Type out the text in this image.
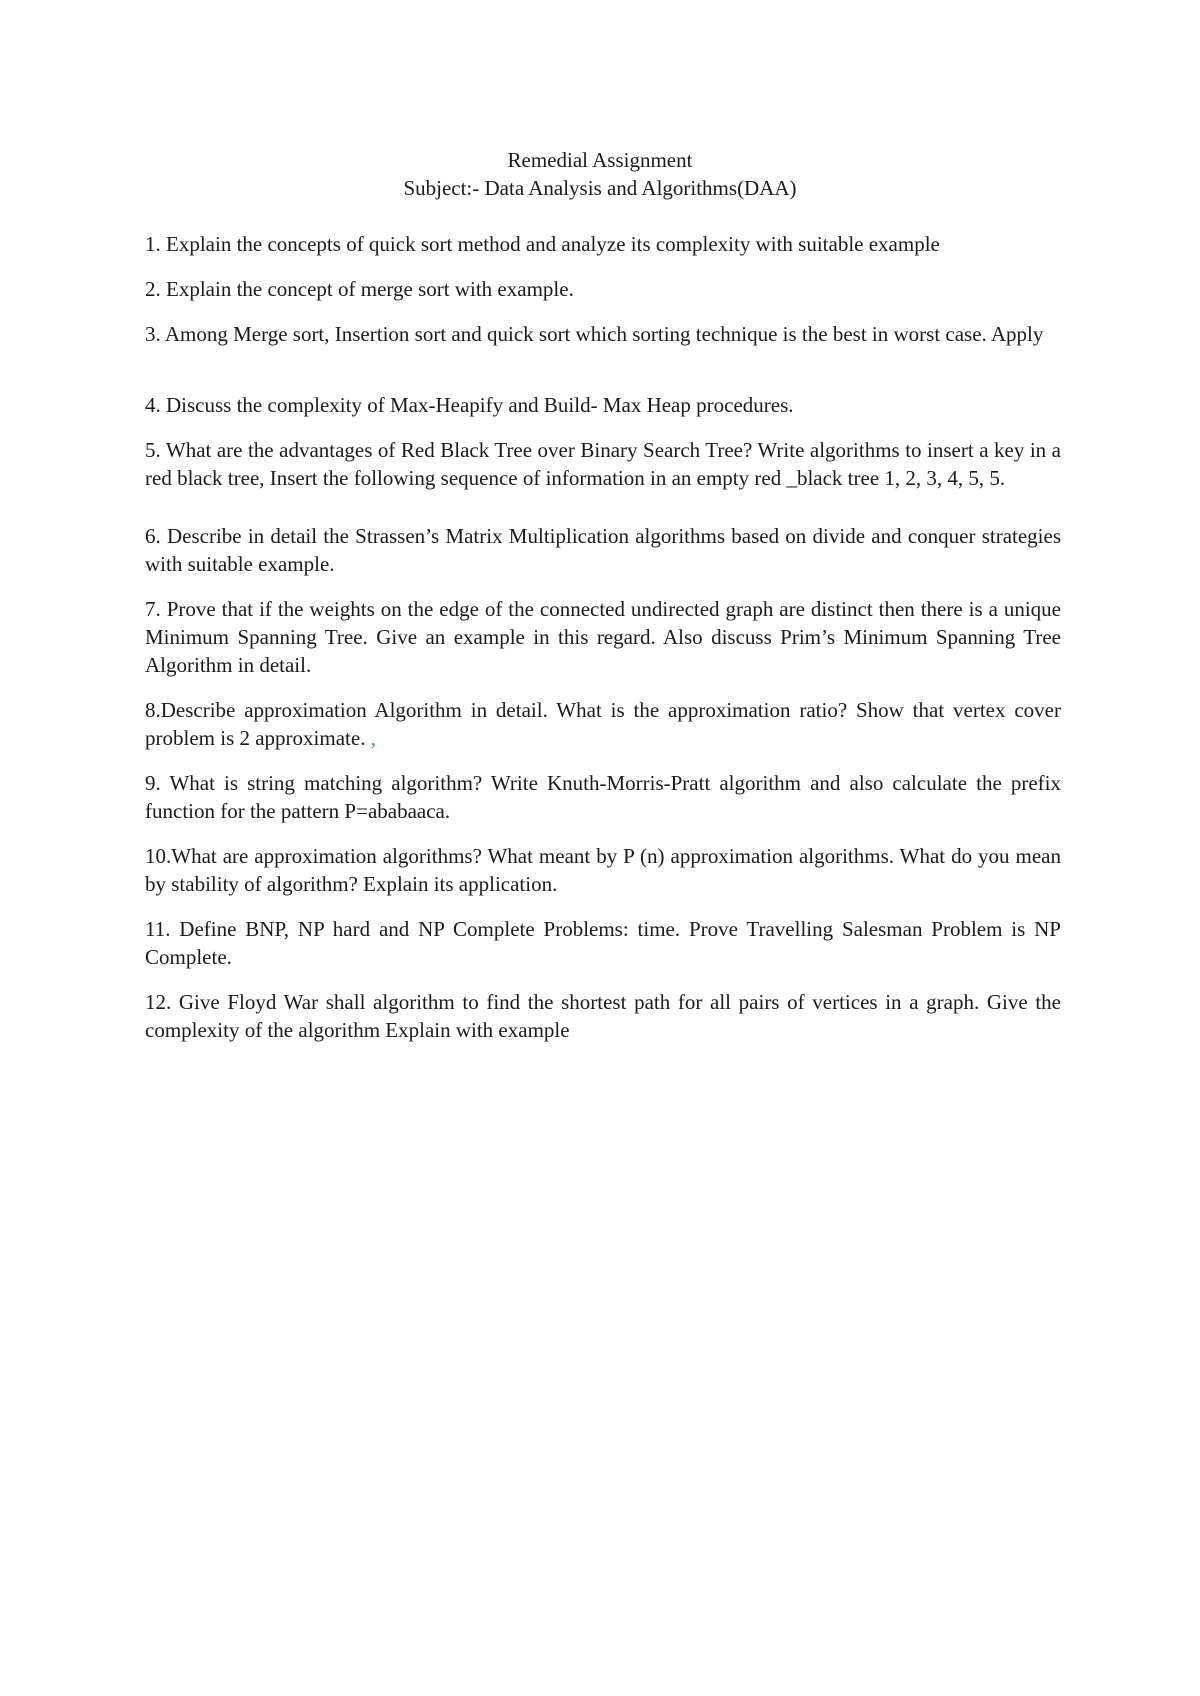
Remedial Assignment
Subject:- Data Analysis and Algorithms(DAA)

1. Explain the concepts of quick sort method and analyze its complexity with suitable example

2. Explain the concept of merge sort with example.

3. Among Merge sort, Insertion sort and quick sort which sorting technique is the best in worst case. Apply

4. Discuss the complexity of Max-Heapify and Build- Max Heap procedures.

5. What are the advantages of Red Black Tree over Binary Search Tree? Write algorithms to insert a key in a red black tree, Insert the following sequence of information in an empty red _black tree 1, 2, 3, 4, 5, 5.

6. Describe in detail the Strassen’s Matrix Multiplication algorithms based on divide and conquer strategies with suitable example.

7. Prove that if the weights on the edge of the connected undirected graph are distinct then there is a unique Minimum Spanning Tree. Give an example in this regard. Also discuss Prim’s Minimum Spanning Tree Algorithm in detail.

8.Describe approximation Algorithm in detail. What is the approximation ratio? Show that vertex cover problem is 2 approximate. ,

9. What is string matching algorithm? Write Knuth-Morris-Pratt algorithm and also calculate the prefix function for the pattern P=ababaaca.

10.What are approximation algorithms? What meant by P (n) approximation algorithms. What do you mean by stability of algorithm? Explain its application.

11. Define BNP, NP hard and NP Complete Problems: time. Prove Travelling Salesman Problem is NP Complete.

12. Give Floyd War shall algorithm to find the shortest path for all pairs of vertices in a graph. Give the complexity of the algorithm Explain with example
